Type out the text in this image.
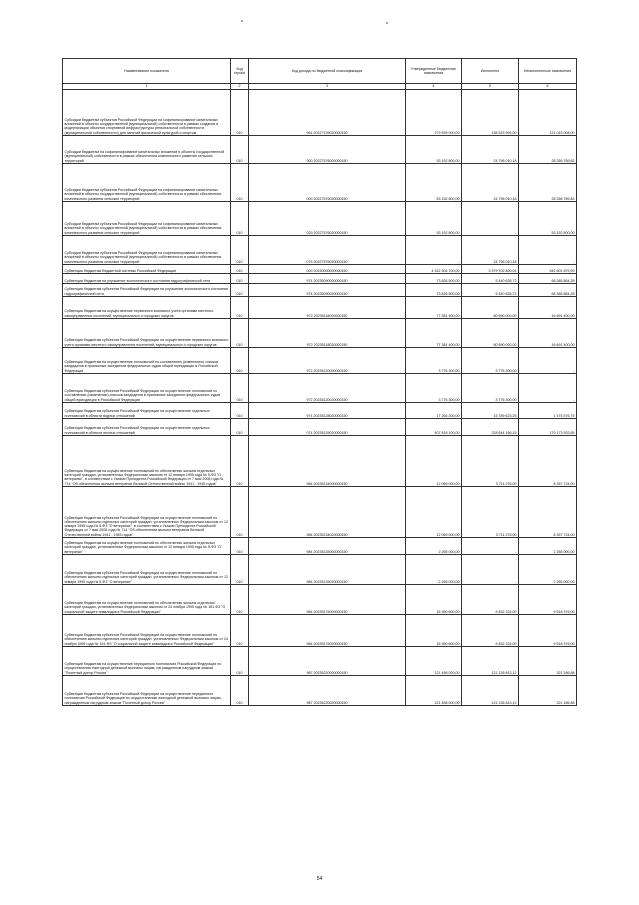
Наименование показателя	Код строки	Код дохода по бюджетной классификации	Утвержденные бюджетные назначения	Исполнено	Неисполненные назначения
1	2	3	4	5	6
Субсидии бюджетам субъектов Российской Федерации на софинансирование капитальных вложений в объекты государственной (муниципальной) собственности в рамках создания и модернизации объектов спортивной инфраструктуры региональной собственности (муниципальной собственности) для занятий физической культурой и спортом	010	961 20227139020000150	279 539 000,00	158 523 992,00	121 015 008,00
Субсидии бюджетам на софинансирование капитальных вложений в объекты государственной (муниципальной) собственности в рамках обеспечения комплексного развития сельских территорий	010	000 20227576000000150	53 152 800,00	24 796 010,18	28 356 789,82
Субсидии бюджетам субъектов Российской Федерации на софинансирование капитальных вложений в объекты государственной (муниципальной) собственности в рамках обеспечения комплексного развития сельских территорий	010	000 20227576020000150	53 152 800,00	24 796 010,18	28 356 789,82
Субсидии бюджетам субъектов Российской Федерации на софинансирование капитальных вложений в объекты государственной (муниципальной) собственности в рамках обеспечения комплексного развития сельских территорий	010	029 20227576020000150	53 152 800,00	-	53 152 800,00
Субсидии бюджетам субъектов Российской Федерации на софинансирование капитальных вложений в объекты государственной (муниципальной) собственности в рамках обеспечения комплексного развития сельских территорий	010	075 20227576020000150	-	24 796 010,18	-
Субвенции бюджетам бюджетной системы Российской Федерации	010	000 20230000000000150	4 322 304 700,00	3 379 702 820,01	942 601 879,99
Субвенции бюджетам на улучшение экологического состояния гидрографической сети	010	974 20235090000000150	73 826 500,00	5 440 635,72	68 385 864,28
Субвенции бюджетам субъектов Российской Федерации на улучшение экологического состояния гидрографической сети	010	974 20235090020000150	73 826 500,00	5 440 635,72	68 385 864,28
Субвенции бюджетам на осуществление первичного воинского учета органами местного самоуправления поселений, муниципальных и городских округов	010	972 20235118000000150	77 381 400,00	60 690 000,00	16 691 400,00
Субвенции бюджетам субъектов Российской Федерации на осуществление первичного воинского учета органами местного самоуправления поселений, муниципальных и городских округов	010	972 20235118020000150	77 381 400,00	60 690 000,00	16 691 400,00
Субвенции бюджетам на осуществление полномочий по составлению (изменению) списков кандидатов в присяжные заседатели федеральных судов общей юрисдикции в Российской Федерации	010	972 20235120000000150	3 776 300,00	3 776 300,00	-
Субвенции бюджетам субъектов Российской Федерации на осуществление полномочий по составлению (изменению) списков кандидатов в присяжные заседатели федеральных судов общей юрисдикции в Российской Федерации	010	972 20235120020000150	3 776 300,00	3 776 300,00	-
Субвенции бюджетам субъектов Российской Федерации на осуществление отдельных полномочий в области водных отношений	010	974 20235128020000150	17 265 200,00	15 789 623,25	1 475 576,75
Субвенции бюджетам субъектов Российской Федерации на осуществление отдельных полномочий в области лесных отношений	010	074 20235129020000150	407 818 100,00	228 644 166,15	179 173 933,85
Субвенции бюджетам на осуществление полномочий по обеспечению жильем отдельных категорий граждан, установленных Федеральным законом от 12 января 1995 года № 5-ФЗ "О ветеранах", в соответствии с Указом Президента Российской Федерации от 7 мая 2008 года № 714 "Об обеспечении жильем ветеранов Великой Отечественной войны 1941 - 1945 годов"	010	984 20235134000000150	12 069 000,00	3 711 276,00	8 357 724,00
Субвенции бюджетам субъектов Российской Федерации на осуществление полномочий по обеспечению жильем отдельных категорий граждан, установленных Федеральным законом от 12 января 1995 года № 5-ФЗ "О ветеранах", в соответствии с Указом Президента Российской Федерации от 7 мая 2008 года № 714 "Об обеспечении жильем ветеранов Великой Отечественной войны 1941 - 1945 годов"	010	984 20235134020000150	12 069 000,00	3 711 276,00	8 357 724,00
Субвенции бюджетам на осуществление полномочий по обеспечению жильем отдельных категорий граждан, установленных Федеральным законом от 12 января 1995 года № 5-ФЗ "О ветеранах"	010	984 20235135000000150	2 265 000,00	-	2 265 000,00
Субвенции бюджетам субъектов Российской Федерации на осуществление полномочий по обеспечению жильем отдельных категорий граждан, установленных Федеральным законом от 12 января 1995 года № 5-ФЗ "О ветеранах"	010	984 20235135020000150	2 265 000,00	-	2 265 000,00
Субвенции бюджетам на осуществление полномочий по обеспечению жильем отдельных категорий граждан, установленных Федеральным законом от 24 ноября 1995 года № 181-ФЗ "О социальной защите инвалидов в Российской Федерации"	010	984 20235176000000150	16 350 600,00	6 832 224,00	9 518 376,00
Субвенции бюджетам субъектов Российской Федерации на осуществление полномочий по обеспечению жильем отдельных категорий граждан, установленных Федеральным законом от 24 ноября 1995 года № 181-ФЗ "О социальной защите инвалидов в Российской Федерации"	010	984 20235176020000150	16 350 600,00	6 832 224,00	9 518 376,00
Субвенции бюджетам на осуществление переданного полномочия Российской Федерации по осуществлению ежегодной денежной выплаты лицам, награжденным нагрудным знаком "Почетный донор России"	010	987 20235220000000150	121 458 000,00	121 136 813,12	321 186,88
Субвенции бюджетам субъектов Российской Федерации на осуществление переданного полномочия Российской Федерации по осуществлению ежегодной денежной выплаты лицам, награжденным нагрудным знаком "Почетный донор России"	010	987 20235220020000150	121 458 000,00	121 136 813,12	321 186,88
54
